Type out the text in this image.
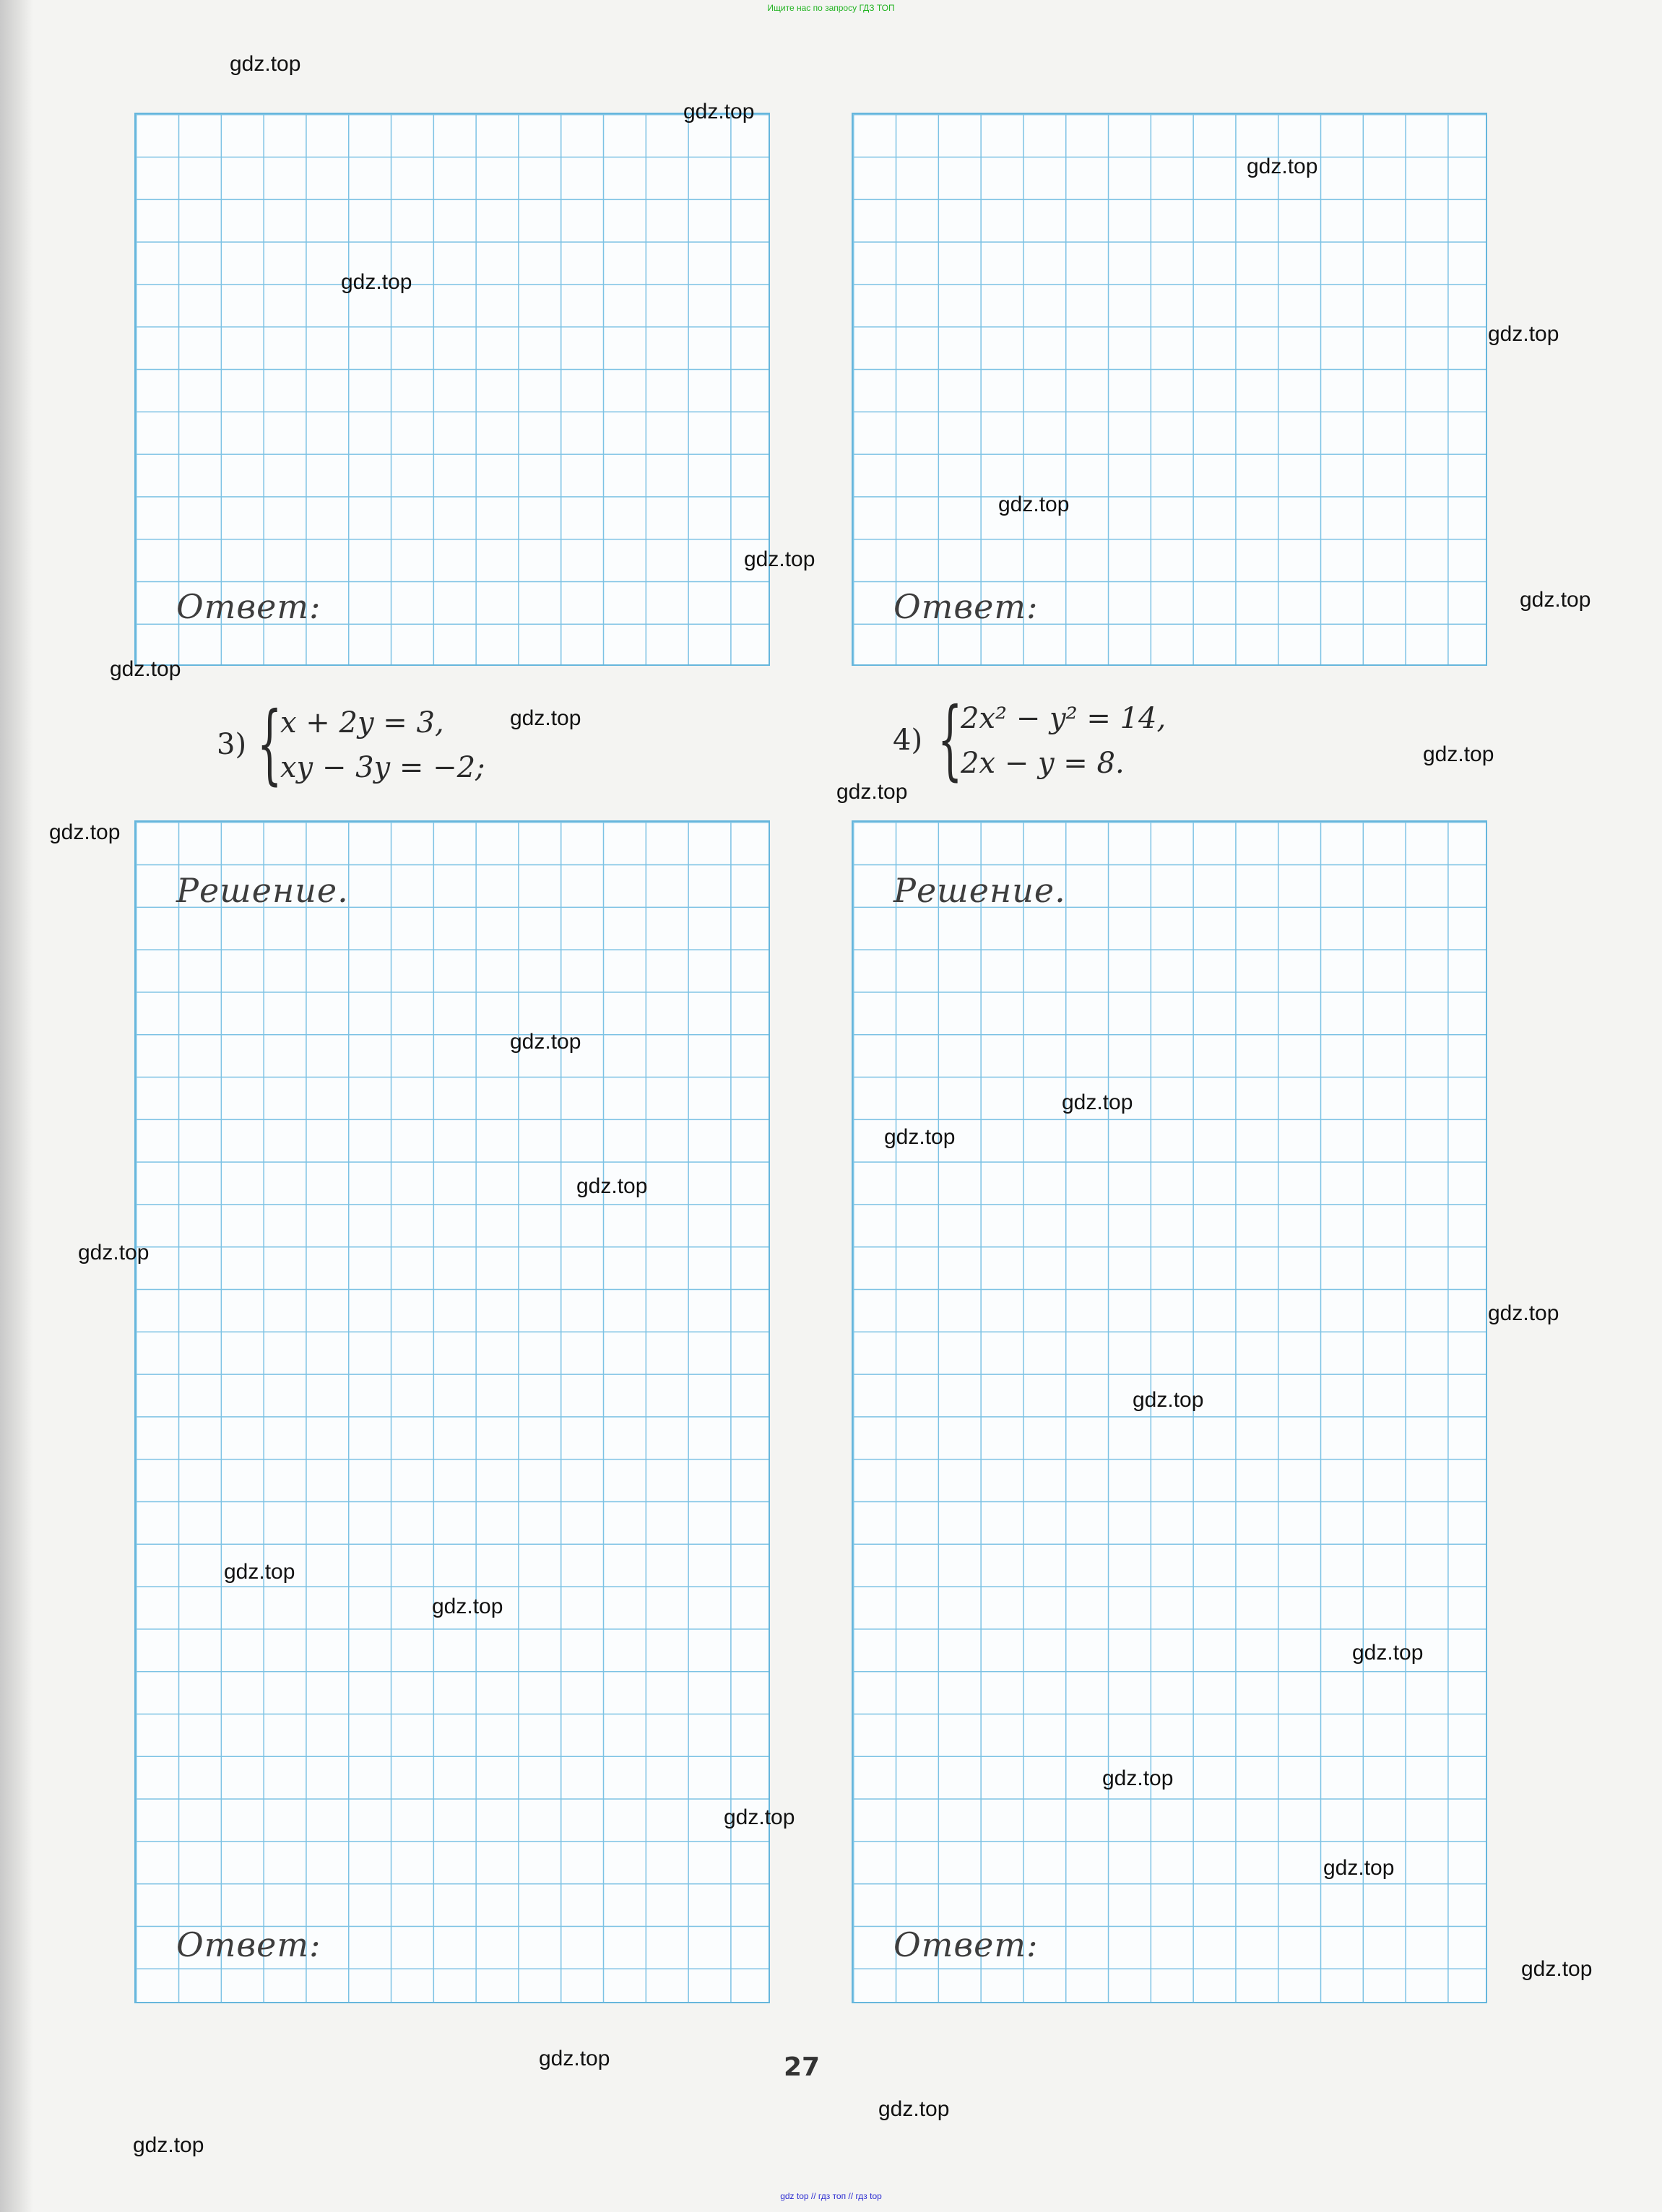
Ищите нас по запросу ГДЗ ТОП
Ответ:	Ответ:
3) {
x + 2y = 3,
xy − 3y = −2;
4) {
2x² − y² = 14,
2x − y = 8.
Решение.
Ответ:
Решение.
Ответ:
27
gdz.top
gdz.top
gdz.top
gdz.top
gdz.top
gdz.top
gdz.top
gdz.top
gdz.top
gdz.top
gdz.top
gdz.top
gdz.top
gdz.top
gdz.top
gdz.top
gdz.top
gdz.top
gdz.top
gdz.top
gdz.top
gdz.top
gdz.top
gdz.top
gdz.top
gdz.top
gdz.top
gdz.top
gdz.top
gdz.top
gdz top // гдз топ // гдз top
